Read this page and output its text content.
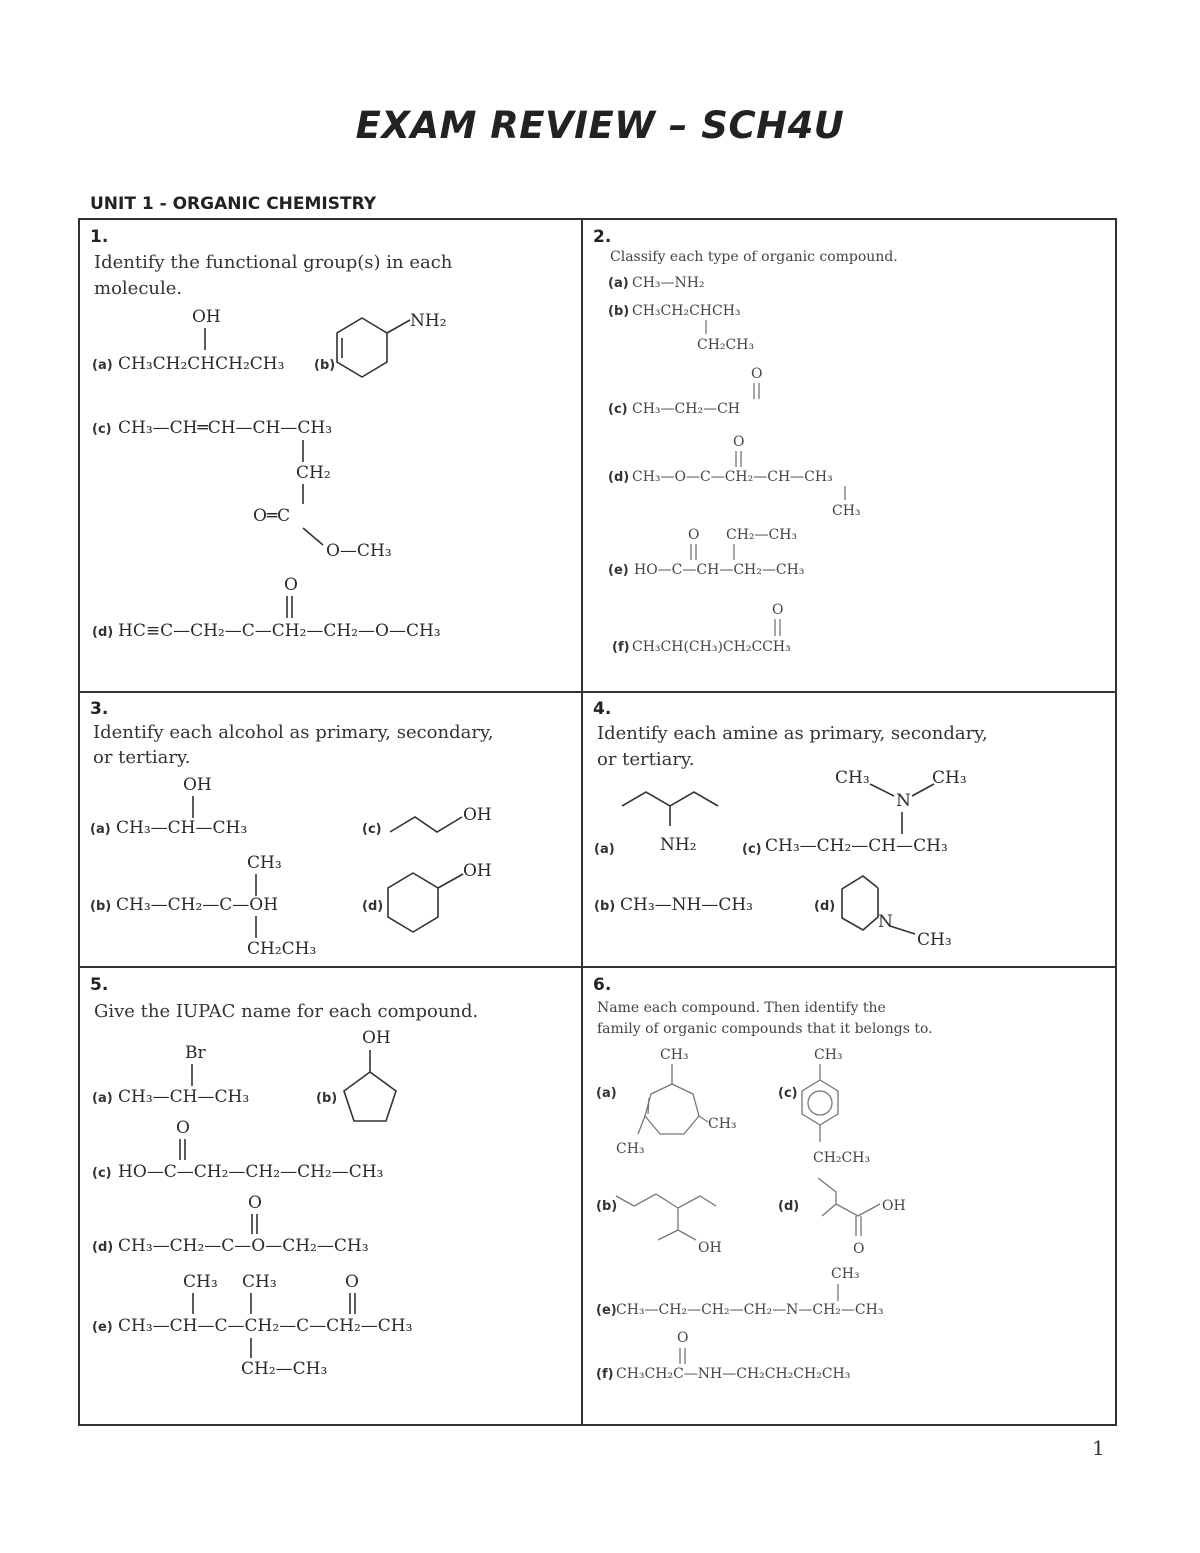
EXAM REVIEW – SCH4U
UNIT 1 - ORGANIC CHEMISTRY
1.
Identify the functional group(s) in each
molecule.
OH
(a) CH₃CH₂CHCH₂CH₃ (b)
NH₂
(c) CH₃—CH═CH—CH—CH₃
CH₂
O═C
O—CH₃
O
(d) HC≡C—CH₂—C—CH₂—CH₂—O—CH₃
2.
Classify each type of organic compound.
(a) CH₃—NH₂
(b) CH₃CH₂CHCH₃
CH₂CH₃
O
(c) CH₃—CH₂—CH
O
(d) CH₃—O—C—CH₂—CH—CH₃
CH₃
O CH₂—CH₃
(e) HO—C—CH—CH₂—CH₃
O
(f) CH₃CH(CH₃)CH₂CCH₃
3.
Identify each alcohol as primary, secondary,
or tertiary.
OH
(a) CH₃—CH—CH₃	(c)
OH
CH₃
(b) CH₃—CH₂—C—OH
CH₂CH₃
(d)
OH
4.
Identify each amine as primary, secondary,
or tertiary.
(a)	NH₂
CH₃	CH₃
N
(c) CH₃—CH₂—CH—CH₃
(b) CH₃—NH—CH₃	(d)
N
CH₃
5.
Give the IUPAC name for each compound.
Br
(a) CH₃—CH—CH₃
OH
(b)
O
(c) HO—C—CH₂—CH₂—CH₂—CH₃
O
(d) CH₃—CH₂—C—O—CH₂—CH₃
CH₃ CH₃	O
(e) CH₃—CH—C—CH₂—C—CH₂—CH₃
CH₂—CH₃
6.
Name each compound. Then identify the
family of organic compounds that it belongs to.
CH₃
(a)
CH₃
CH₃
CH₃
(c)
CH₂CH₃
(b)
OH
(d)	OH
O
CH₃
(e) CH₃—CH₂—CH₂—CH₂—N—CH₂—CH₃
O
(f) CH₃CH₂C—NH—CH₂CH₂CH₂CH₃
1
